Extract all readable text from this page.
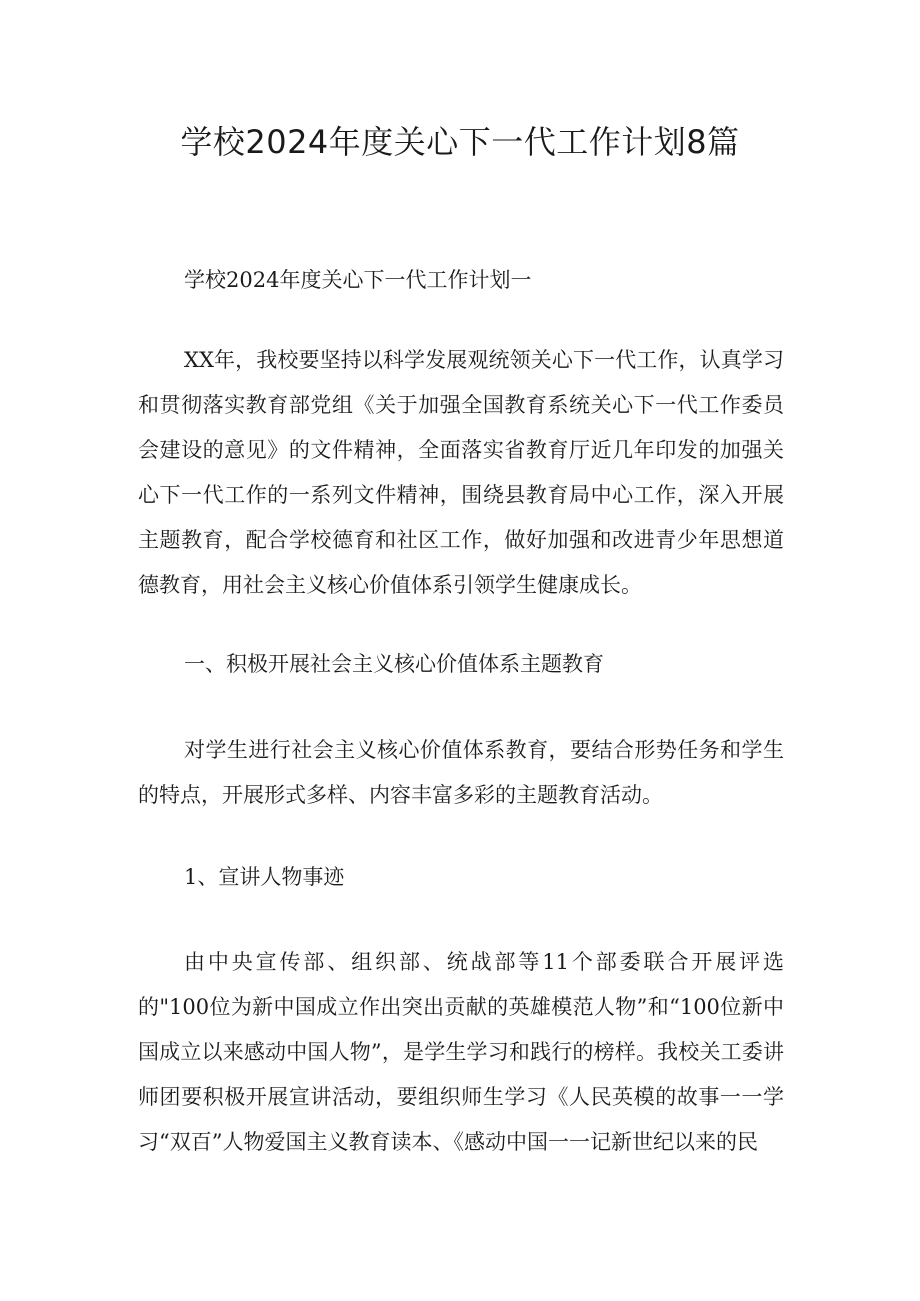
学校2024年度关心下一代工作计划8篇

学校2024年度关心下一代工作计划一

XX年，我校要坚持以科学发展观统领关心下一代工作，认真学习和贯彻落实教育部党组《关于加强全国教育系统关心下一代工作委员会建设的意见》的文件精神，全面落实省教育厅近几年印发的加强关心下一代工作的一系列文件精神，围绕县教育局中心工作，深入开展主题教育，配合学校德育和社区工作，做好加强和改进青少年思想道德教育，用社会主义核心价值体系引领学生健康成长。

一、积极开展社会主义核心价值体系主题教育

对学生进行社会主义核心价值体系教育，要结合形势任务和学生的特点，开展形式多样、内容丰富多彩的主题教育活动。

1、宣讲人物事迹

由中央宣传部、组织部、统战部等11个部委联合开展评选的"100位为新中国成立作出突出贡献的英雄模范人物”和“100位新中国成立以来感动中国人物”，是学生学习和践行的榜样。我校关工委讲师团要积极开展宣讲活动，要组织师生学习《人民英模的故事一一学习“双百”人物爱国主义教育读本、《感动中国一一记新世纪以来的民
